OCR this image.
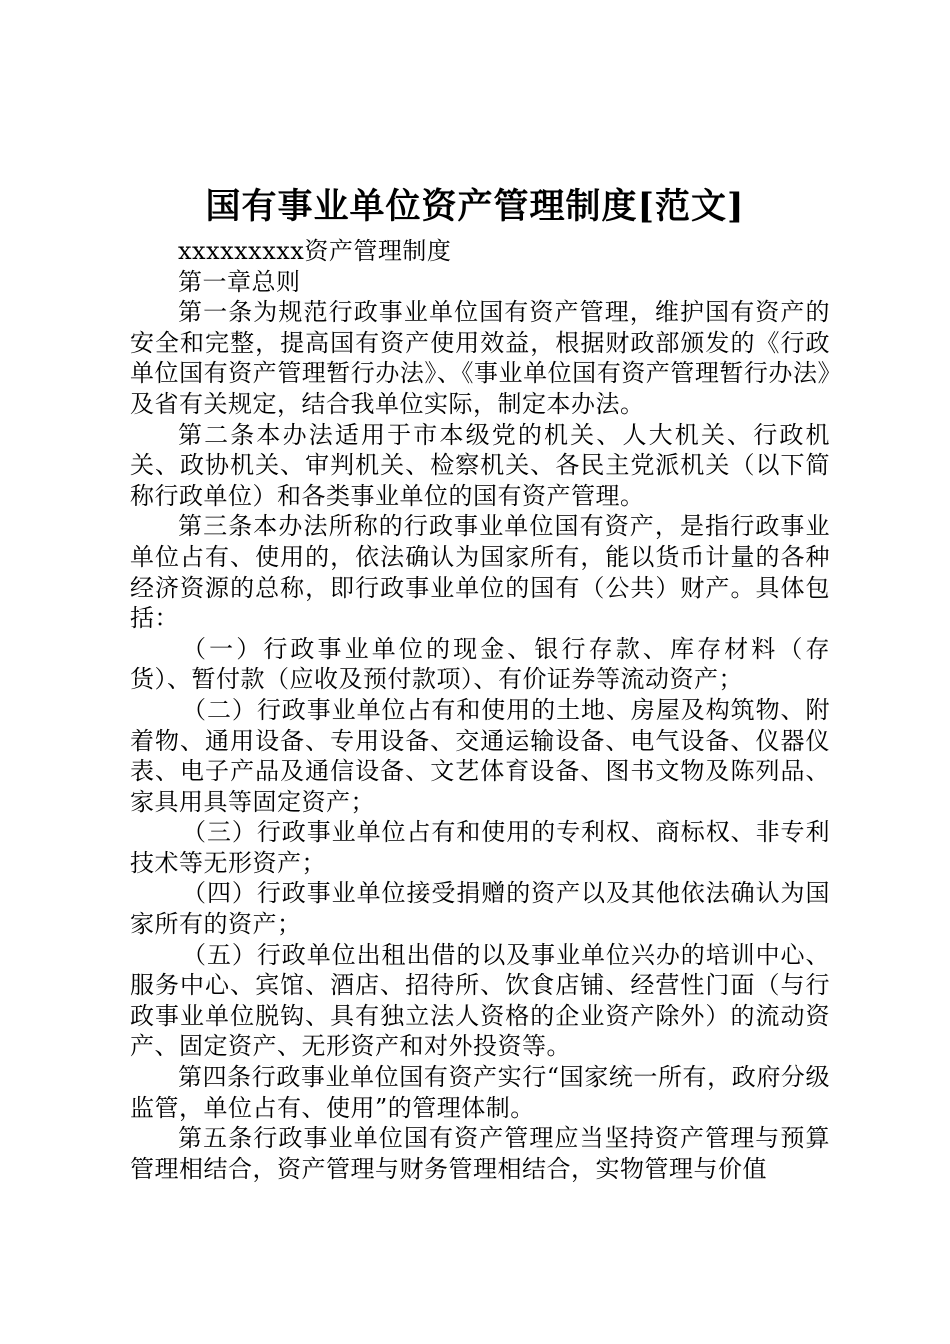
国有事业单位资产管理制度[范文]

xxxxxxxxx资产管理制度

第一章总则

第一条为规范行政事业单位国有资产管理，维护国有资产的安全和完整，提高国有资产使用效益，根据财政部颁发的《行政单位国有资产管理暂行办法》、《事业单位国有资产管理暂行办法》及省有关规定，结合我单位实际，制定本办法。

第二条本办法适用于市本级党的机关、人大机关、行政机关、政协机关、审判机关、检察机关、各民主党派机关（以下简称行政单位）和各类事业单位的国有资产管理。

第三条本办法所称的行政事业单位国有资产，是指行政事业单位占有、使用的，依法确认为国家所有，能以货币计量的各种经济资源的总称，即行政事业单位的国有（公共）财产。具体包括：

（一）行政事业单位的现金、银行存款、库存材料（存货）、暂付款（应收及预付款项）、有价证券等流动资产；

（二）行政事业单位占有和使用的土地、房屋及构筑物、附着物、通用设备、专用设备、交通运输设备、电气设备、仪器仪表、电子产品及通信设备、文艺体育设备、图书文物及陈列品、家具用具等固定资产；

（三）行政事业单位占有和使用的专利权、商标权、非专利技术等无形资产；

（四）行政事业单位接受捐赠的资产以及其他依法确认为国家所有的资产；

（五）行政单位出租出借的以及事业单位兴办的培训中心、服务中心、宾馆、酒店、招待所、饮食店铺、经营性门面（与行政事业单位脱钩、具有独立法人资格的企业资产除外）的流动资产、固定资产、无形资产和对外投资等。

第四条行政事业单位国有资产实行“国家统一所有，政府分级监管，单位占有、使用”的管理体制。

第五条行政事业单位国有资产管理应当坚持资产管理与预算管理相结合，资产管理与财务管理相结合，实物管理与价值
